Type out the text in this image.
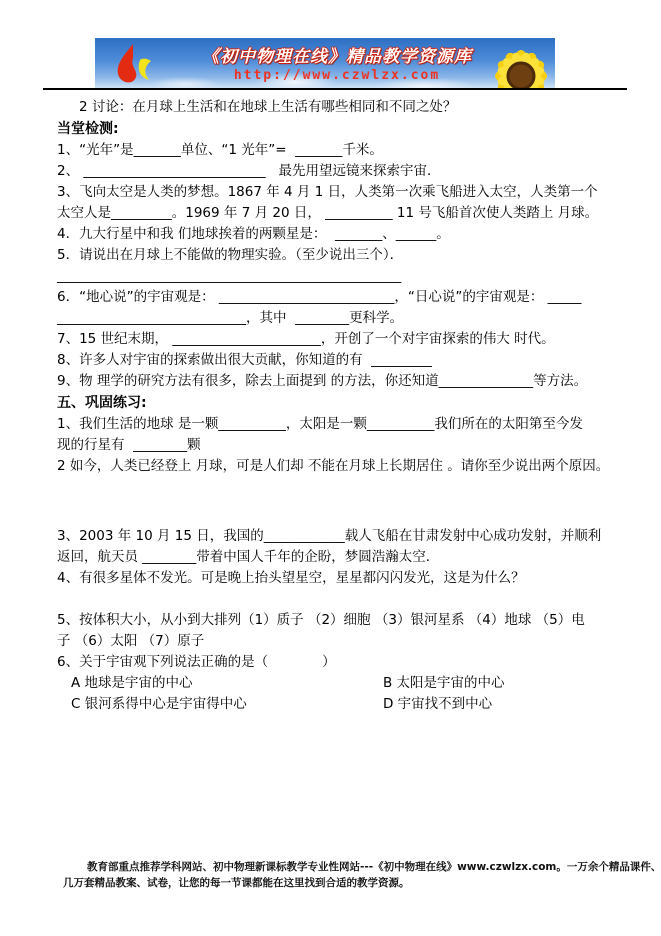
《初中物理在线》精品教学资源库
http://www.czwlzx.com
2 讨论：在月球上生活和在地球上生活有哪些相同和不同之处？
当堂检测:
1、“光年”是_______单位、“1 光年”=  _______千米。
2、 ___________________________   最先用望远镜来探索宇宙．
3、飞向太空是人类的梦想。1867 年 4 月 1 日，人类第一次乘飞船进入太空，人类第一个
太空人是_________。1969 年 7 月 20 日， __________ 11 号飞船首次使人类踏上 月球。
4．九大行星中和我 们地球挨着的两颗星是：  _______、______。
5．请说出在月球上不能做的物理实验。（至少说出三个）．
___________________________________________________
6．“地心说”的宇宙观是： __________________________，“日心说”的宇宙观是： _____
____________________________，其中  ________更科学。
7、15 世纪末期， ______________________，开创了一个对宇宙探索的伟大 时代。
8、许多人对宇宙的探索做出很大贡献，你知道的有  _________
9、物 理学的研究方法有很多，除去上面提到 的方法，你还知道______________等方法。
五、巩固练习:
1、我们生活的地球 是一颗__________，太阳是一颗__________我们所在的太阳第至今发
现的行星有  ________颗
2 如今，人类已经登上 月球，可是人们却 不能在月球上长期居住 。请你至少说出两个原因。
3、2003 年 10 月 15 日，我国的____________载人飞船在甘肃发射中心成功发射，并顺利
返回，航天员 ________带着中国人千年的企盼，梦圆浩瀚太空．
4、有很多星体不发光。可是晚上抬头望星空，星星都闪闪发光，这是为什么？
5、按体积大小，从小到大排列（1）质子 （2）细胞 （3）银河星系 （4）地球 （5）电
子 （6）太阳 （7）原子
6、关于宇宙观下列说法正确的是（　　　　）
A 地球是宇宙的中心	B 太阳是宇宙的中心
C 银河系得中心是宇宙得中心	D 宇宙找不到中心
教育部重点推荐学科网站、初中物理新课标教学专业性网站---《初中物理在线》www.czwlzx.com。一万余个精品课件、
几万套精品教案、试卷，让您的每一节课都能在这里找到合适的教学资源。
